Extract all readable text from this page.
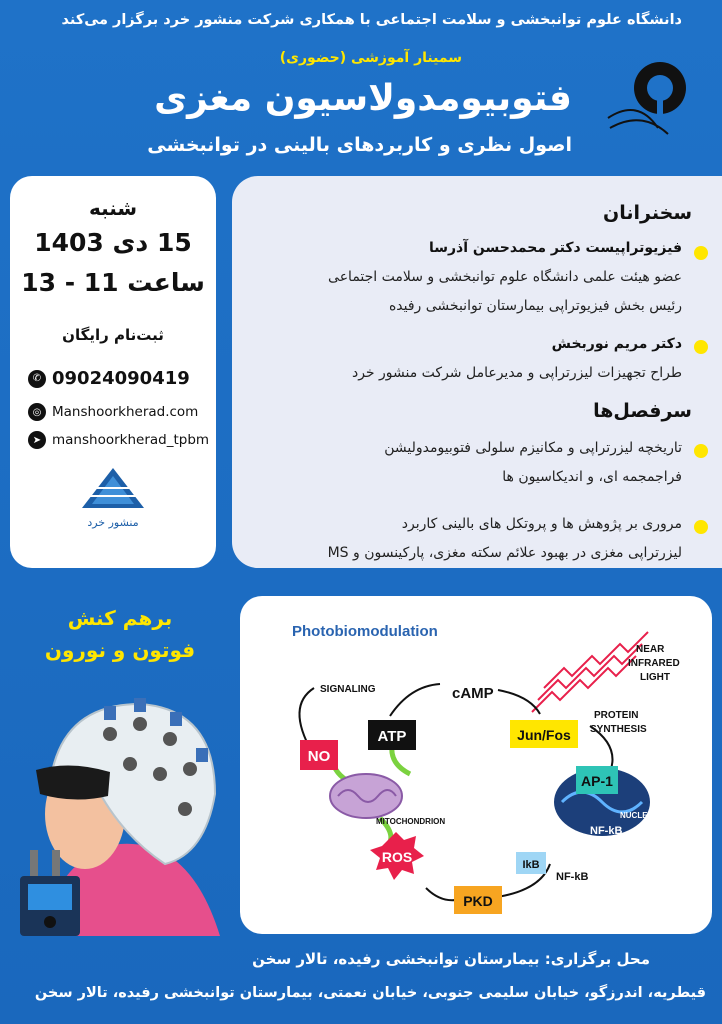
دانشگاه علوم توانبخشی و سلامت اجتماعی با همکاری شرکت منشور خرد برگزار می‌کند
سمینار آموزشی (حضوری)
فتوبیومدولاسیون مغزی
اصول نظری و کاربردهای بالینی در توانبخشی
شنبه
15 دی 1403
ساعت 11 - 13
ثبت‌نام رایگان
✆ 09024090419
◎ Manshoorkherad.com
➤ manshoorkherad_tpbm
منشور خرد
سخنرانان
فیزیوتراپیست دکتر محمدحسن آذرسا
عضو هیئت علمی دانشگاه علوم توانبخشی و سلامت اجتماعی
رئیس بخش فیزیوتراپی بیمارستان توانبخشی رفیده
دکتر مریم نوربخش
طراح تجهیزات لیزرتراپی و مدیرعامل شرکت منشور خرد
سرفصل‌ها
تاریخچه لیزرتراپی و مکانیزم سلولی فتوبیومدولیشن
فراجمجمه ای، و اندیکاسیون ها
مروری بر پژوهش ها و پروتکل های بالینی کاربرد
لیزرتراپی مغزی در بهبود علائم سکته مغزی، پارکینسون و MS
برهم کنش
فوتون و نورون
Photobiomodulation
NEAR
INFRARED
LIGHT
SIGNALING	cAMP
ATP
NO
Jun/Fos
PROTEIN
SYNTHESIS
MITOCHONDRION
ROS
AP-1
NUCLEUS
NF-kB
IkB
NF-kB
PKD
محل برگزاری: بیمارستان توانبخشی رفیده، تالار سخن
قیطریه، اندرزگو، خیابان سلیمی جنوبی، خیابان نعمتی، بیمارستان توانبخشی رفیده، تالار سخن
